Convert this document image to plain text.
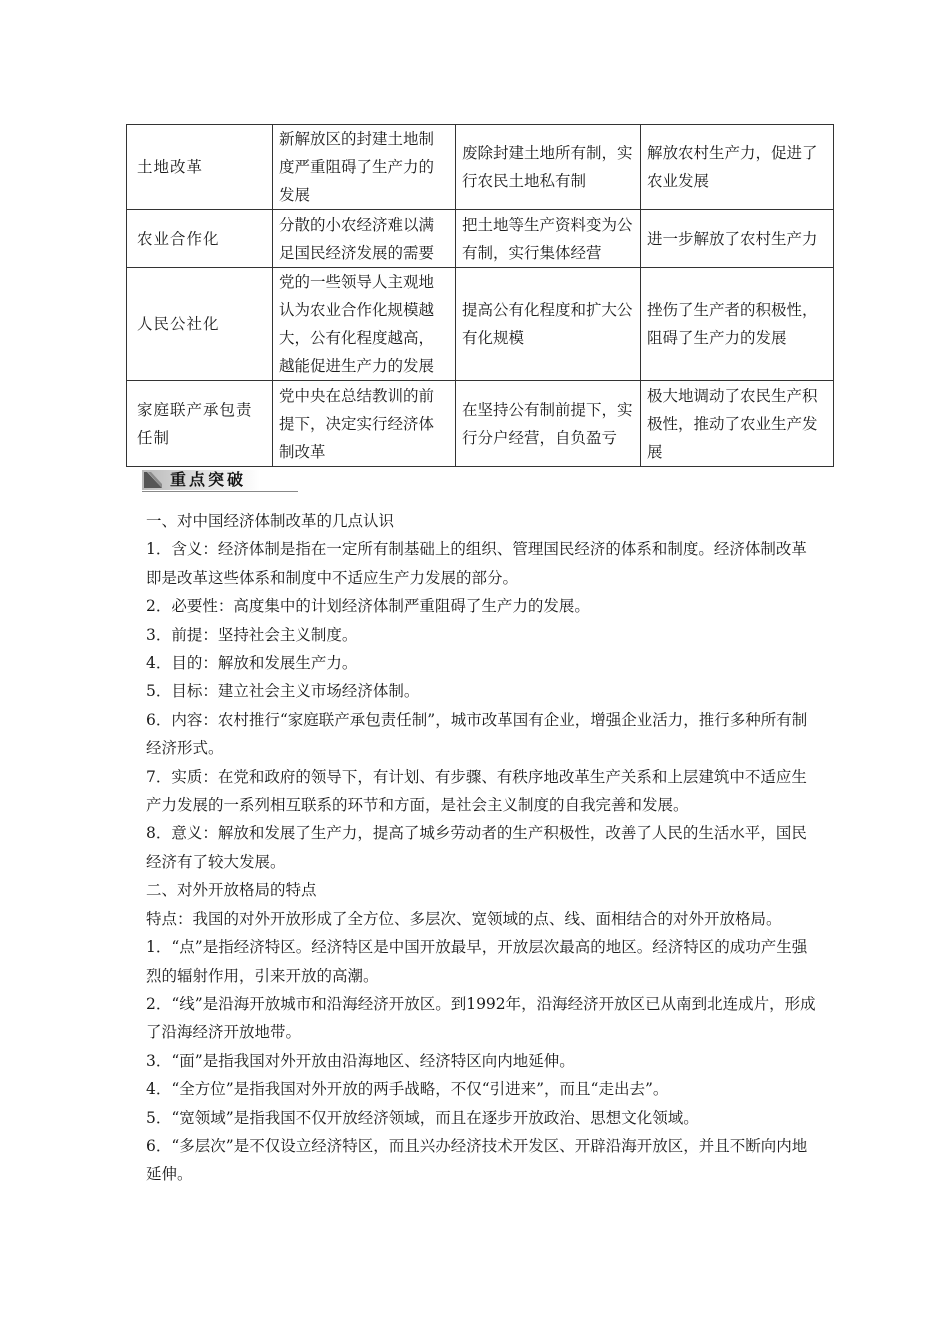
土地改革	新解放区的封建土地制度严重阻碍了生产力的发展	废除封建土地所有制，实行农民土地私有制	解放农村生产力，促进了农业发展
农业合作化	分散的小农经济难以满足国民经济发展的需要	把土地等生产资料变为公有制，实行集体经营	进一步解放了农村生产力
人民公社化	党的一些领导人主观地认为农业合作化规模越大，公有化程度越高，越能促进生产力的发展	提高公有化程度和扩大公有化规模	挫伤了生产者的积极性，阻碍了生产力的发展
家庭联产承包责任制	党中央在总结教训的前提下，决定实行经济体制改革	在坚持公有制前提下，实行分户经营，自负盈亏	极大地调动了农民生产积极性，推动了农业生产发展
重点突破

一、对中国经济体制改革的几点认识

1．含义：经济体制是指在一定所有制基础上的组织、管理国民经济的体系和制度。经济体制改革即是改革这些体系和制度中不适应生产力发展的部分。

2．必要性：高度集中的计划经济体制严重阻碍了生产力的发展。

3．前提：坚持社会主义制度。

4．目的：解放和发展生产力。

5．目标：建立社会主义市场经济体制。

6．内容：农村推行“家庭联产承包责任制”，城市改革国有企业，增强企业活力，推行多种所有制经济形式。

7．实质：在党和政府的领导下，有计划、有步骤、有秩序地改革生产关系和上层建筑中不适应生产力发展的一系列相互联系的环节和方面，是社会主义制度的自我完善和发展。

8．意义：解放和发展了生产力，提高了城乡劳动者的生产积极性，改善了人民的生活水平，国民经济有了较大发展。

二、对外开放格局的特点

特点：我国的对外开放形成了全方位、多层次、宽领域的点、线、面相结合的对外开放格局。

1．“点”是指经济特区。经济特区是中国开放最早，开放层次最高的地区。经济特区的成功产生强烈的辐射作用，引来开放的高潮。

2．“线”是沿海开放城市和沿海经济开放区。到1992年，沿海经济开放区已从南到北连成片，形成了沿海经济开放地带。

3．“面”是指我国对外开放由沿海地区、经济特区向内地延伸。

4．“全方位”是指我国对外开放的两手战略，不仅“引进来”，而且“走出去”。

5．“宽领域”是指我国不仅开放经济领域，而且在逐步开放政治、思想文化领域。

6．“多层次”是不仅设立经济特区，而且兴办经济技术开发区、开辟沿海开放区，并且不断向内地延伸。
